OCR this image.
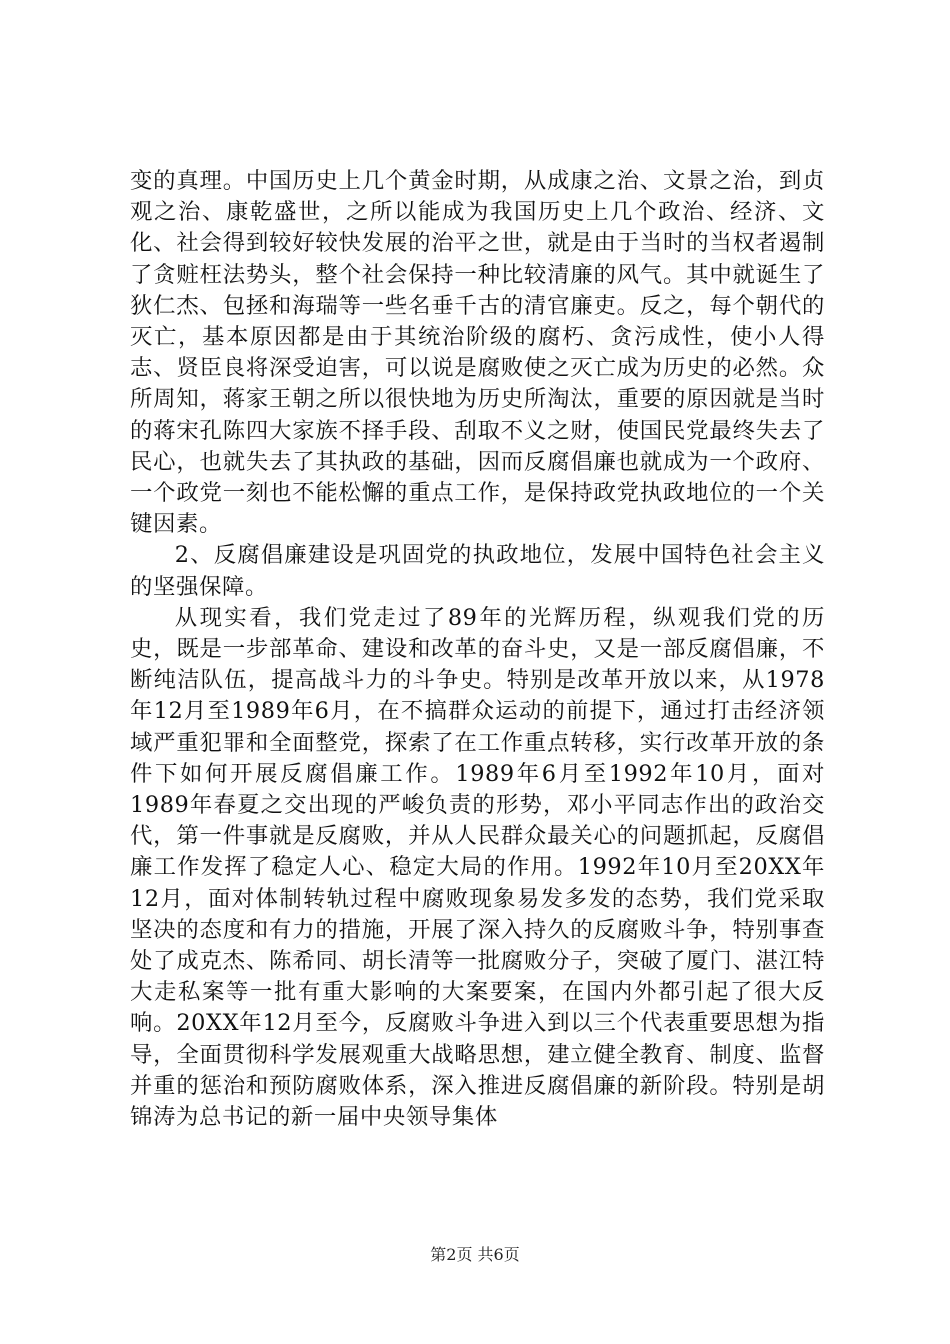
变的真理。中国历史上几个黄金时期，从成康之治、文景之治，到贞观之治、康乾盛世，之所以能成为我国历史上几个政治、经济、文化、社会得到较好较快发展的治平之世，就是由于当时的当权者遏制了贪赃枉法势头，整个社会保持一种比较清廉的风气。其中就诞生了狄仁杰、包拯和海瑞等一些名垂千古的清官廉吏。反之，每个朝代的灭亡，基本原因都是由于其统治阶级的腐朽、贪污成性，使小人得志、贤臣良将深受迫害，可以说是腐败使之灭亡成为历史的必然。众所周知，蒋家王朝之所以很快地为历史所淘汰，重要的原因就是当时的蒋宋孔陈四大家族不择手段、刮取不义之财，使国民党最终失去了民心，也就失去了其执政的基础，因而反腐倡廉也就成为一个政府、一个政党一刻也不能松懈的重点工作，是保持政党执政地位的一个关键因素。

2、反腐倡廉建设是巩固党的执政地位，发展中国特色社会主义的坚强保障。

从现实看，我们党走过了89年的光辉历程，纵观我们党的历史，既是一步部革命、建设和改革的奋斗史，又是一部反腐倡廉，不断纯洁队伍，提高战斗力的斗争史。特别是改革开放以来，从1978年12月至1989年6月，在不搞群众运动的前提下，通过打击经济领域严重犯罪和全面整党，探索了在工作重点转移，实行改革开放的条件下如何开展反腐倡廉工作。1989年6月至1992年10月，面对1989年春夏之交出现的严峻负责的形势，邓小平同志作出的政治交代，第一件事就是反腐败，并从人民群众最关心的问题抓起，反腐倡廉工作发挥了稳定人心、稳定大局的作用。1992年10月至20XX年12月，面对体制转轨过程中腐败现象易发多发的态势，我们党采取坚决的态度和有力的措施，开展了深入持久的反腐败斗争，特别事查处了成克杰、陈希同、胡长清等一批腐败分子，突破了厦门、湛江特大走私案等一批有重大影响的大案要案，在国内外都引起了很大反响。20XX年12月至今，反腐败斗争进入到以三个代表重要思想为指导，全面贯彻科学发展观重大战略思想，建立健全教育、制度、监督并重的惩治和预防腐败体系，深入推进反腐倡廉的新阶段。特别是胡锦涛为总书记的新一届中央领导集体

第2页 共6页
